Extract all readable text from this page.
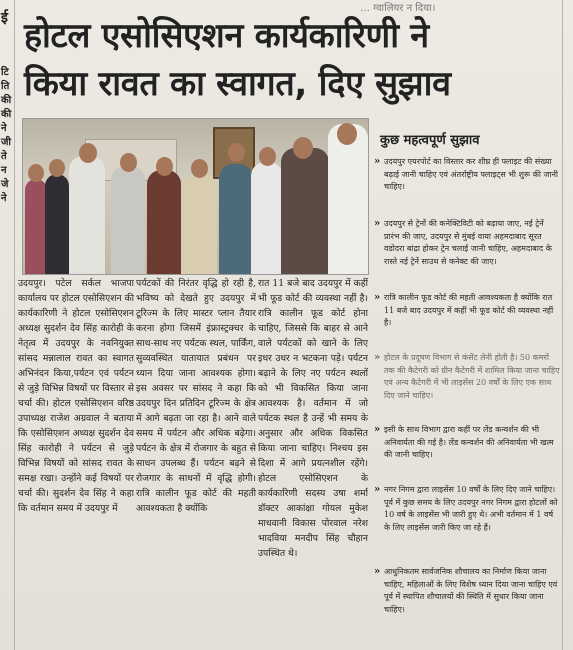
… ग्वालियर न दिया।
ई
टि
ति
की
की
ने
जी
ते
न
जे
ने
होटल एसोसिएशन कार्यकारिणी ने
किया रावत का स्वागत, दिए सुझाव
कुछ महत्वपूर्ण सुझाव
» उदयपुर एयरपोर्ट का विस्तार कर शीघ्र ही फ्लाइट की संख्या बढ़ाई जानी चाहिए एवं अंतर्राष्ट्रीय फ्लाइट्स भी शुरू की जानी चाहिए।
» उदयपुर से ट्रेनों की कनेक्टिविटी को बढ़ाया जाए, नई ट्रेनें प्रारंभ की जाए, उदयपुर से मुंबई वाया अहमदाबाद सूरत वडोदरा बांद्रा होकर ट्रेन चलाई जानी चाहिए, अहमदाबाद के रास्ते नई ट्रेनें साउथ से कनेक्ट की जाए।
» रात्रि कालीन फूड कोर्ट की महती आवश्यकता है क्योंकि रात 11 बजे बाद उदयपुर में कहीं भी फूड कोर्ट की व्यवस्था नहीं है।
» होटल के प्रदूषण विभाग से कंसेंट लेनी होती है। 50 कमरों तक की कैटेगरी को ग्रीन कैटेगरी में शामिल किया जाना चाहिए एवं अन्य कैटेगरी में भी लाइसेंस 20 वर्षों के लिए एक साथ दिए जाने चाहिए।
» इसी के साथ विभाग द्वारा कहीं पर लेंड कन्वर्शन की भी अनिवार्यता की गई है। लेंड कन्वर्शन की अनिवार्यता भी खत्म की जानी चाहिए।
» नगर निगम द्वारा लाइसेंस 10 वर्षों के लिए दिए जाने चाहिए। पूर्व में कुछ समय के लिए उदयपुर नगर निगम द्वारा होटलों को 10 वर्ष के लाइसेंस भी जारी हुए थे। अभी वर्तमान में 1 वर्ष के लिए लाइसेंस जारी किए जा रहे हैं।
» आधुनिकतम सार्वजनिक शौचालय का निर्माण किया जाना चाहिए, महिलाओं के लिए विशेष ध्यान दिया जाना चाहिए एवं पूर्व में स्थापित शौचालयों की स्थिति में सुधार किया जाना चाहिए।
उदयपुर। पटेल सर्कल भाजपा कार्यालय पर होटल एसोसिएशन की कार्यकारिणी ने होटल एसोसिएशन अध्यक्ष सुदर्शन देव सिंह कारोही के नेतृत्व में उदयपुर के नवनियुक्त सांसद मन्नालाल रावत का स्वागत अभिनंदन किया,पर्यटन एवं पर्यटन से जुड़े विभिन्न विषयों पर विस्तार से चर्चा की। होटल एसोसिएशन वरिष्ठ उपाध्यक्ष राजेश अग्रवाल ने बताया कि एसोसिएशन अध्यक्ष सुदर्शन देव सिंह कारोही ने पर्यटन से जुड़े विभिन्न विषयों को सांसद रावत के समक्ष रखा। उन्होंने कई विषयों पर चर्चा की। सुदर्शन देव सिंह ने कहा कि वर्तमान समय में उदयपुर में
पर्यटकों की निरंतर वृद्धि हो रही है, भविष्य को देखते हुए उदयपुर में टूरिज्म के लिए मास्टर प्लान तैयार करना होगा जिसमें इंफ्रास्ट्रक्चर के साथ-साथ नए पर्यटक स्थल, पार्किंग, सुव्यवस्थित यातायात प्रबंधन पर ध्यान दिया जाना आवश्यक होगा। इस अवसर पर सांसद ने कहा कि उदयपुर दिन प्रतिदिन टूरिज्म के क्षेत्र में आगे बढ़ता जा रहा है। आने वाले समय में पर्यटन और अधिक बढ़ेगा। पर्यटन के क्षेत्र में रोजगार के बहुत से साधन उपलब्ध हैं। पर्यटन बढ़ने से रोजगार के साधनों में वृद्धि होगी। रात्रि कालीन फूड कोर्ट की महती आवश्यकता है क्योंकि
रात 11 बजे बाद उदयपुर में कहीं भी फूड कोर्ट की व्यवस्था नहीं है। रात्रि कालीन फूड कोर्ट होना चाहिए, जिससे कि बाहर से आने वाले पर्यटकों को खाने के लिए इधर उधर न भटकना पड़े। पर्यटन बढ़ाने के लिए नए पर्यटन स्थलों को भी विकसित किया जाना आवश्यक है। वर्तमान में जो पर्यटक स्थल है उन्हें भी समय के अनुसार और अधिक विकसित किया जाना चाहिए। निश्चय इस दिशा में आगे प्रयत्नशील रहेंगे। होटल एसोसिएशन के कार्यकारिणी सदस्य उषा शर्मा डॉक्टर आकांक्षा गोयल मुकेश माधवानी विकास पोरवाल नरेश भादविया मनदीप सिंह चौहान उपस्थित थे।
